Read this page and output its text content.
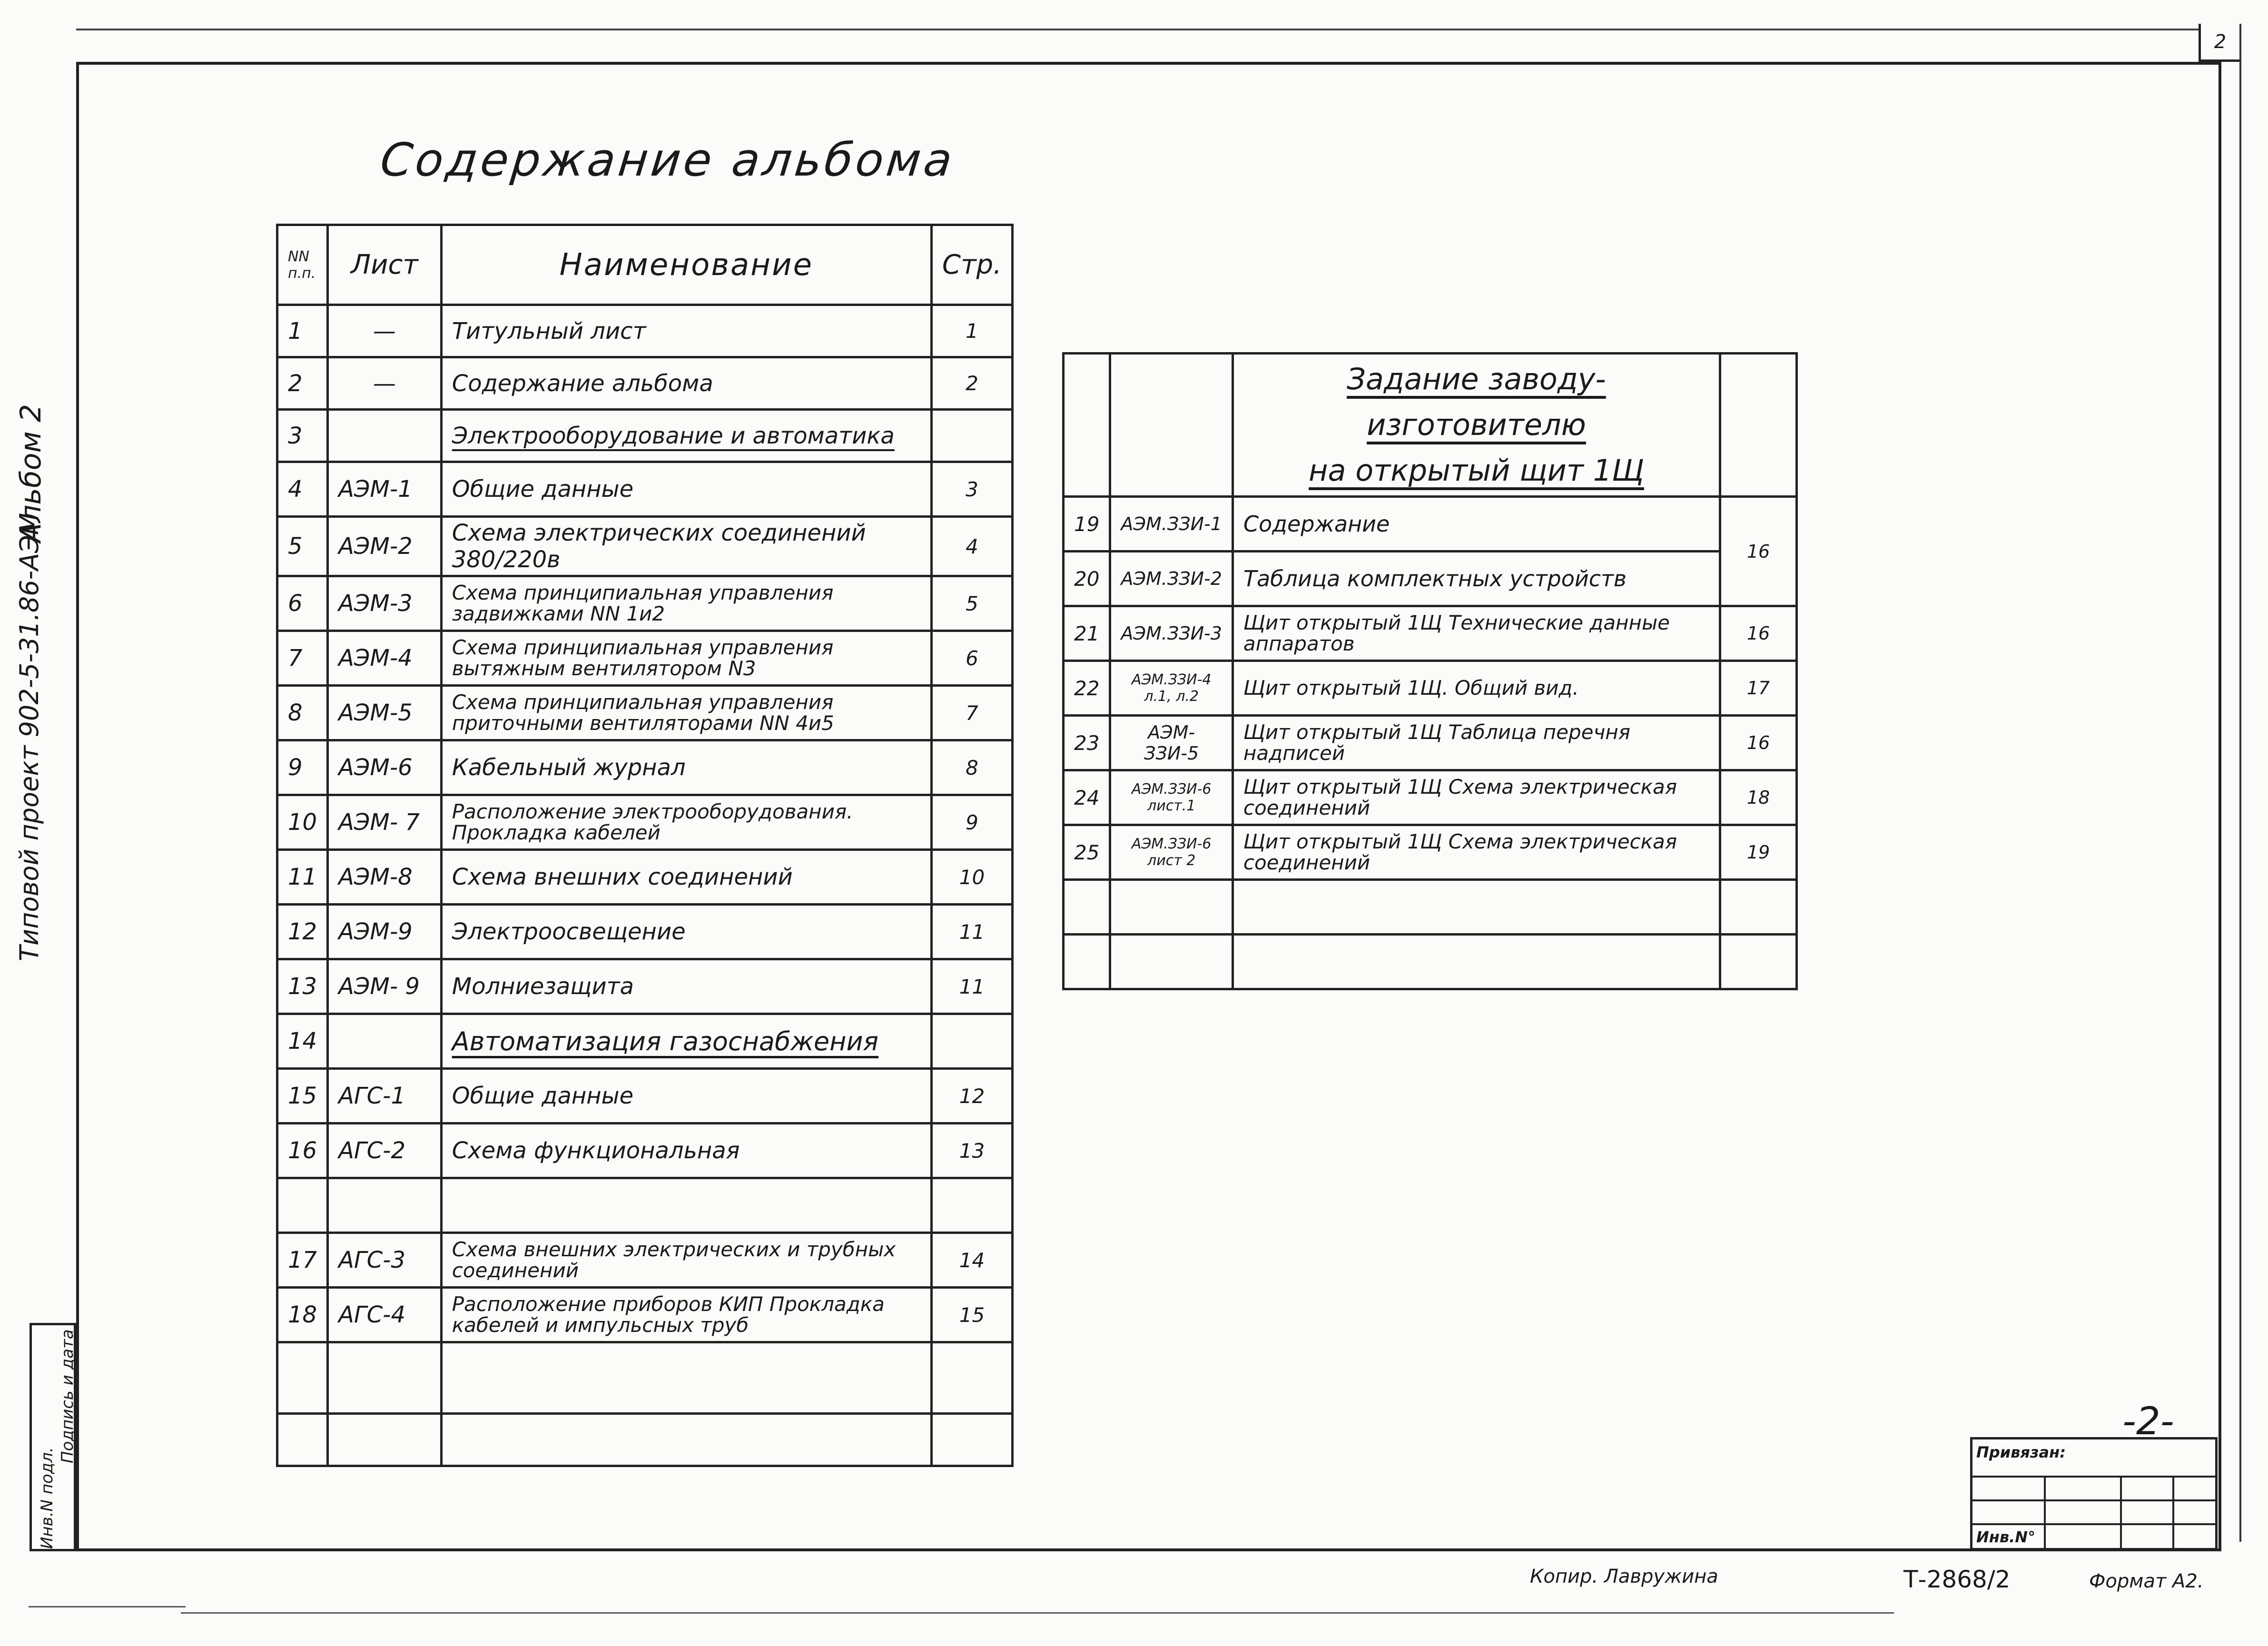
2
Содержание альбома
Типовой проект 902-5-31.86-АЭМ
Альбом 2
NN п.п.	Лист	Наименование	Стр.
1	—	Титульный лист	1
2	—	Содержание альбома	2
3		Электрооборудование и автоматика	
4	АЭМ-1	Общие данные	3
5	АЭМ-2	Схема электрических соединений 380/220в	4
6	АЭМ-3	Схема принципиальная управления задвижками NN 1и2	5
7	АЭМ-4	Схема принципиальная управления вытяжным вентилятором N3	6
8	АЭМ-5	Схема принципиальная управления приточными вентиляторами NN 4и5	7
9	АЭМ-6	Кабельный журнал	8
10	АЭМ- 7	Расположение электрооборудования. Прокладка кабелей	9
11	АЭМ-8	Схема внешних соединений	10
12	АЭМ-9	Электроосвещение	11
13	АЭМ- 9	Молниезащита	11
14		Автоматизация газоснабжения	
15	АГС-1	Общие данные	12
16	АГС-2	Схема функциональная	13

17	АГС-3	Схема внешних электрических и трубных соединений	14
18	АГС-4	Расположение приборов КИП Прокладка кабелей и импульсных труб	15

		Задание заводу-изготовителю
на открытый щит 1Щ	
19	АЭМ.ЗЗИ-1	Содержание	16
20	АЭМ.ЗЗИ-2	Таблица комплектных устройств	
21	АЭМ.ЗЗИ-3	Щит открытый 1Щ Технические данные аппаратов	16
22	АЭМ.ЗЗИ-4 л.1, л.2	Щит открытый 1Щ. Общий вид.	17
23	АЭМ-ЗЗИ-5	Щит открытый 1Щ Таблица перечня надписей	16
24	АЭМ.ЗЗИ-6 лист.1	Щит открытый 1Щ Схема электрическая соединений	18
25	АЭМ.ЗЗИ-6 лист 2	Щит открытый 1Щ Схема электрическая соединений	19

Инв.N подл.
Подпись и дата	-2-
Привязан:
Инв.N°
Копир. Лавружина	Т-2868/2	Формат А2.
